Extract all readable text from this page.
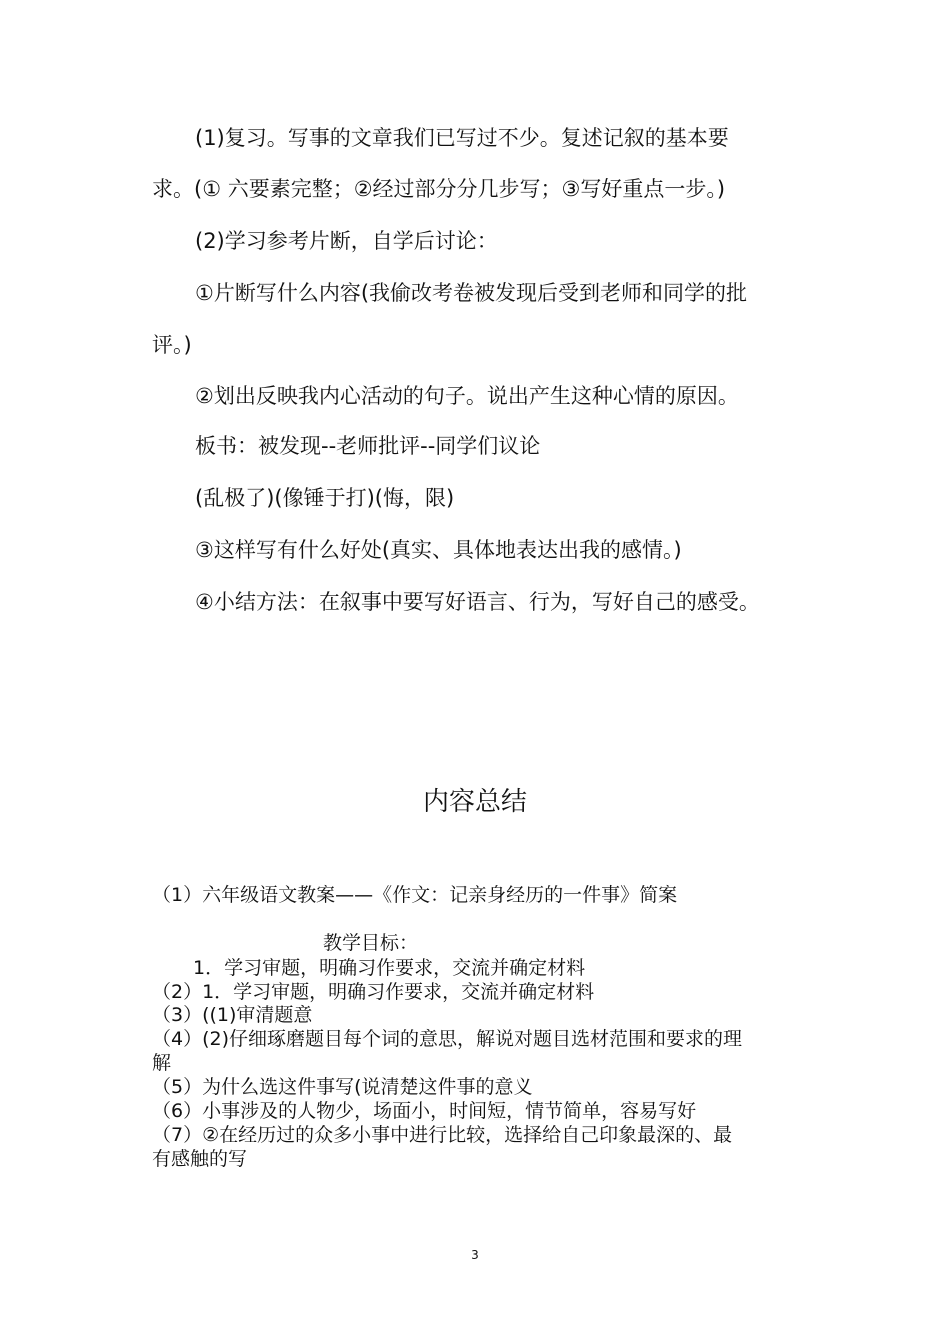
(1)复习。写事的文章我们已写过不少。复述记叙的基本要
求。(① 六要素完整；②经过部分分几步写；③写好重点一步。)
(2)学习参考片断，自学后讨论：
①片断写什么内容(我偷改考卷被发现后受到老师和同学的批
评。)
②划出反映我内心活动的句子。说出产生这种心情的原因。
板书：被发现--老师批评--同学们议论
(乱极了)(像锤于打)(悔，限)
③这样写有什么好处(真实、具体地表达出我的感情。)
④小结方法：在叙事中要写好语言、行为，写好自己的感受。
内容总结
（1）六年级语文教案——《作文：记亲身经历的一件事》简案
教学目标：
1．学习审题，明确习作要求，交流并确定材料
（2）1．学习审题，明确习作要求，交流并确定材料
（3）((1)审清题意
（4）(2)仔细琢磨题目每个词的意思，解说对题目选材范围和要求的理
解
（5）为什么选这件事写(说清楚这件事的意义
（6）小事涉及的人物少，场面小，时间短，情节简单，容易写好
（7）②在经历过的众多小事中进行比较，选择给自己印象最深的、最
有感触的写
3
